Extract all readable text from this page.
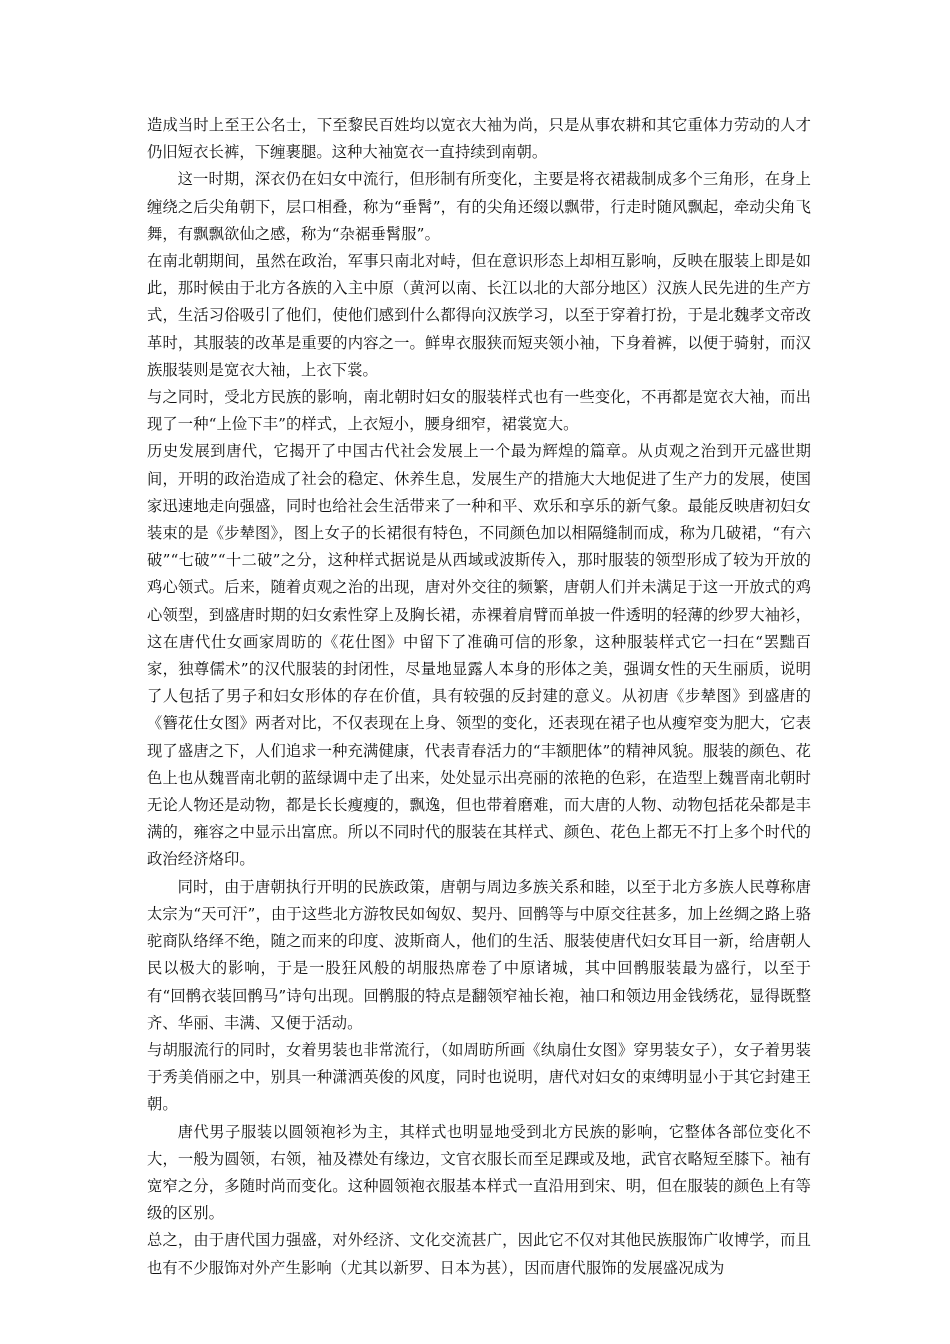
造成当时上至王公名士，下至黎民百姓均以宽衣大袖为尚，只是从事农耕和其它重体力劳动的人才仍旧短衣长裤，下缠裹腿。这种大袖宽衣一直持续到南朝。

这一时期，深衣仍在妇女中流行，但形制有所变化，主要是将衣裙裁制成多个三角形，在身上缠绕之后尖角朝下，层口相叠，称为“垂髾”，有的尖角还缀以飘带，行走时随风飘起，牵动尖角飞舞，有飘飘欲仙之感，称为“杂裾垂髾服”。

在南北朝期间，虽然在政治，军事只南北对峙，但在意识形态上却相互影响，反映在服装上即是如此，那时候由于北方各族的入主中原（黄河以南、长江以北的大部分地区）汉族人民先进的生产方式，生活习俗吸引了他们，使他们感到什么都得向汉族学习，以至于穿着打扮，于是北魏孝文帝改革时，其服装的改革是重要的内容之一。鲜卑衣服狭而短夹领小袖，下身着裤，以便于骑射，而汉族服装则是宽衣大袖，上衣下裳。

与之同时，受北方民族的影响，南北朝时妇女的服装样式也有一些变化，不再都是宽衣大袖，而出现了一种“上俭下丰”的样式，上衣短小，腰身细窄，裙裳宽大。

历史发展到唐代，它揭开了中国古代社会发展上一个最为辉煌的篇章。从贞观之治到开元盛世期间，开明的政治造成了社会的稳定、休养生息，发展生产的措施大大地促进了生产力的发展，使国家迅速地走向强盛，同时也给社会生活带来了一种和平、欢乐和享乐的新气象。最能反映唐初妇女装束的是《步辇图》，图上女子的长裙很有特色，不同颜色加以相隔缝制而成，称为几破裙，“有六破”“七破”“十二破”之分，这种样式据说是从西域或波斯传入，那时服装的领型形成了较为开放的鸡心领式。后来，随着贞观之治的出现，唐对外交往的频繁，唐朝人们并未满足于这一开放式的鸡心领型，到盛唐时期的妇女索性穿上及胸长裙，赤裸着肩臂而单披一件透明的轻薄的纱罗大袖衫，这在唐代仕女画家周昉的《花仕图》中留下了准确可信的形象，这种服装样式它一扫在“罢黜百家，独尊儒术”的汉代服装的封闭性，尽量地显露人本身的形体之美，强调女性的天生丽质，说明了人包括了男子和妇女形体的存在价值，具有较强的反封建的意义。从初唐《步辇图》到盛唐的《簪花仕女图》两者对比，不仅表现在上身、领型的变化，还表现在裙子也从瘦窄变为肥大，它表现了盛唐之下，人们追求一种充满健康，代表青春活力的“丰额肥体”的精神风貌。服装的颜色、花色上也从魏晋南北朝的蓝绿调中走了出来，处处显示出亮丽的浓艳的色彩，在造型上魏晋南北朝时无论人物还是动物，都是长长瘦瘦的，飘逸，但也带着磨难，而大唐的人物、动物包括花朵都是丰满的，雍容之中显示出富庶。所以不同时代的服装在其样式、颜色、花色上都无不打上多个时代的政治经济烙印。

同时，由于唐朝执行开明的民族政策，唐朝与周边多族关系和睦，以至于北方多族人民尊称唐太宗为“天可汗”，由于这些北方游牧民如匈奴、契丹、回鹘等与中原交往甚多，加上丝绸之路上骆驼商队络绎不绝，随之而来的印度、波斯商人，他们的生活、服装使唐代妇女耳目一新，给唐朝人民以极大的影响，于是一股狂风般的胡服热席卷了中原诸城，其中回鹘服装最为盛行，以至于有“回鹘衣装回鹘马”诗句出现。回鹘服的特点是翻领窄袖长袍，袖口和领边用金钱绣花，显得既整齐、华丽、丰满、又便于活动。

与胡服流行的同时，女着男装也非常流行，（如周昉所画《纨扇仕女图》穿男装女子），女子着男装于秀美俏丽之中，别具一种潇洒英俊的风度，同时也说明，唐代对妇女的束缚明显小于其它封建王朝。

唐代男子服装以圆领袍衫为主，其样式也明显地受到北方民族的影响，它整体各部位变化不大，一般为圆领，右领，袖及襟处有缘边，文官衣服长而至足踝或及地，武官衣略短至膝下。袖有宽窄之分，多随时尚而变化。这种圆领袍衣服基本样式一直沿用到宋、明，但在服装的颜色上有等级的区别。

总之，由于唐代国力强盛，对外经济、文化交流甚广，因此它不仅对其他民族服饰广收博学，而且也有不少服饰对外产生影响（尤其以新罗、日本为甚），因而唐代服饰的发展盛况成为
